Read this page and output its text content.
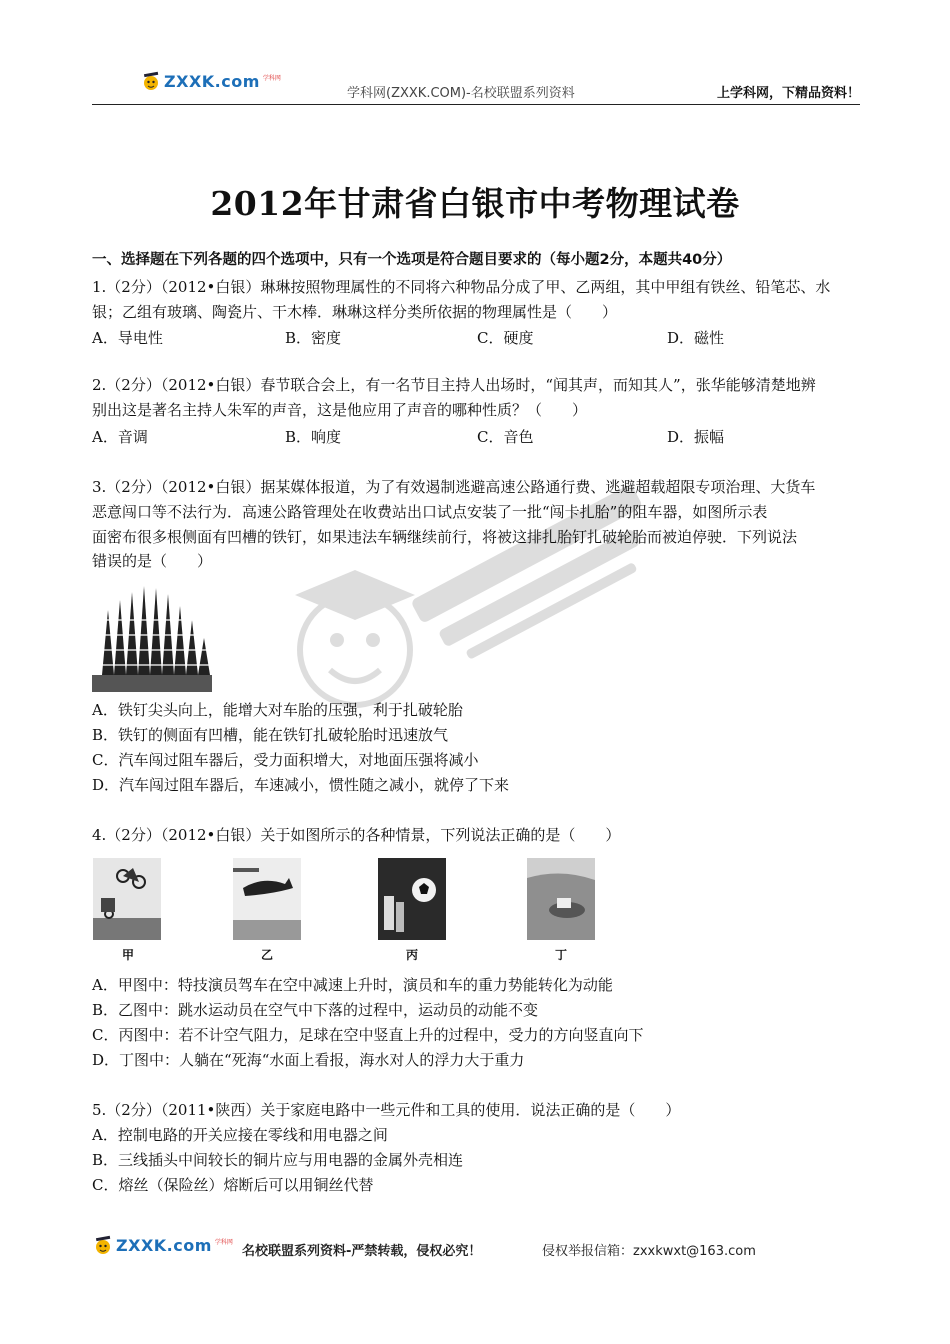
ZXXK.com 学科网
学科网(ZXXK.COM)-名校联盟系列资料	上学科网，下精品资料！
2012年甘肃省白银市中考物理试卷
一、选择题在下列各题的四个选项中，只有一个选项是符合题目要求的（每小题2分，本题共40分）
1.（2分）（2012•白银）琳琳按照物理属性的不同将六种物品分成了甲、乙两组，其中甲组有铁丝、铅笔芯、水
银；乙组有玻璃、陶瓷片、干木棒．琳琳这样分类所依据的物理属性是（　　）
A．导电性	B．密度	C．硬度	D．磁性
2.（2分）（2012•白银）春节联合会上，有一名节目主持人出场时，“闻其声，而知其人”，张华能够清楚地辨
别出这是著名主持人朱军的声音，这是他应用了声音的哪种性质？（　　）
A．音调	B．响度	C．音色	D．振幅
3.（2分）（2012•白银）据某媒体报道，为了有效遏制逃避高速公路通行费、逃避超载超限专项治理、大货车
恶意闯口等不法行为．高速公路管理处在收费站出口试点安装了一批“闯卡扎胎”的阻车器，如图所示表
面密布很多根侧面有凹槽的铁钉，如果违法车辆继续前行，将被这排扎胎钉扎破轮胎而被迫停驶．下列说法
错误的是（　　）
A．铁钉尖头向上，能增大对车胎的压强，利于扎破轮胎
B．铁钉的侧面有凹槽，能在铁钉扎破轮胎时迅速放气
C．汽车闯过阻车器后，受力面积增大，对地面压强将减小
D．汽车闯过阻车器后，车速减小，惯性随之减小，就停了下来
4.（2分）（2012•白银）关于如图所示的各种情景，下列说法正确的是（　　）
甲	乙	丙	丁
A．甲图中：特技演员驾车在空中减速上升时，演员和车的重力势能转化为动能
B．乙图中：跳水运动员在空气中下落的过程中，运动员的动能不变
C．丙图中：若不计空气阻力，足球在空中竖直上升的过程中，受力的方向竖直向下
D．丁图中：人躺在“死海“水面上看报，海水对人的浮力大于重力
5.（2分）（2011•陕西）关于家庭电路中一些元件和工具的使用．说法正确的是（　　）
A．控制电路的开关应接在零线和用电器之间
B．三线插头中间较长的铜片应与用电器的金属外壳相连
C．熔丝（保险丝）熔断后可以用铜丝代替
ZXXK.com 学科网
名校联盟系列资料-严禁转载，侵权必究！	侵权举报信箱：zxxkwxt@163.com
